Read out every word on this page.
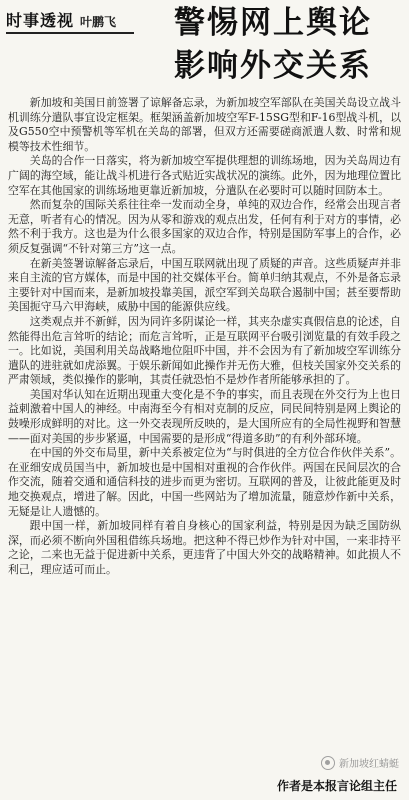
时事透视 叶鹏飞	警惕网上舆论
影响外交关系

新加坡和美国日前签署了谅解备忘录，为新加坡空军部队在美国关岛设立战斗机训练分遣队事宜设定框架。框架涵盖新加坡空军F-15SG型和F-16型战斗机，以及G550空中预警机等军机在关岛的部署，但双方还需要磋商派遣人数、时常和规模等技术性细节。

关岛的合作一日落实，将为新加坡空军提供理想的训练场地，因为关岛周边有广阔的海空域，能让战斗机进行各式贴近实战状况的演练。此外，因为地理位置比空军在其他国家的训练场地更靠近新加坡，分遣队在必要时可以随时回防本土。

然而复杂的国际关系往往牵一发而动全身，单纯的双边合作，经常会出现言者无意，听者有心的情况。因为从零和游戏的观点出发，任何有利于对方的事情，必然不利于我方。这也是为什么很多国家的双边合作，特别是国防军事上的合作，必须反复强调“不针对第三方”这一点。

在新美签署谅解备忘录后，中国互联网就出现了质疑的声音。这些质疑声并非来自主流的官方媒体，而是中国的社交媒体平台。简单归纳其观点，不外是备忘录主要针对中国而来，是新加坡投靠美国，派空军到关岛联合遏制中国；甚至要帮助美国扼守马六甲海峡，威胁中国的能源供应线。

这类观点并不新鲜，因为同许多阴谋论一样，其夹杂虚实真假信息的论述，自然能得出危言耸听的结论；而危言耸听，正是互联网平台吸引浏览量的有效手段之一。比如说，美国利用关岛战略地位阻吓中国，并不会因为有了新加坡空军训练分遣队的进驻就如虎添翼。于娱乐新闻如此操作并无伤大雅，但枝关国家外交关系的严肃领域，类似操作的影响，其责任就恐怕不是炒作者所能够承担的了。

美国对华认知在近期出现重大变化是不争的事实，而且表现在外交行为上也日益刺激着中国人的神经。中南海至今有相对克制的反应，同民间特别是网上舆论的鼓噪形成鲜明的对比。这一外交表现所反映的，是大国所应有的全局性视野和智慧——面对美国的步步紧逼，中国需要的是形成“得道多助”的有利外部环境。

在中国的外交布局里，新中关系被定位为“与时俱进的全方位合作伙伴关系”。在亚细安成员国当中，新加坡也是中国相对重视的合作伙伴。两国在民间层次的合作交流，随着交通和通信科技的进步而更为密切。互联网的普及，让彼此能更及时地交换观点，增进了解。因此，中国一些网站为了增加流量，随意炒作新中关系，无疑是让人遗憾的。

跟中国一样，新加坡同样有着自身核心的国家利益，特别是因为缺乏国防纵深，而必须不断向外国租借练兵场地。把这种不得已炒作为针对中国，一来非持平之论，二来也无益于促进新中关系，更违背了中国大外交的战略精神。如此损人不利己，理应适可而止。

新加坡红蜻蜓
作者是本报言论组主任
